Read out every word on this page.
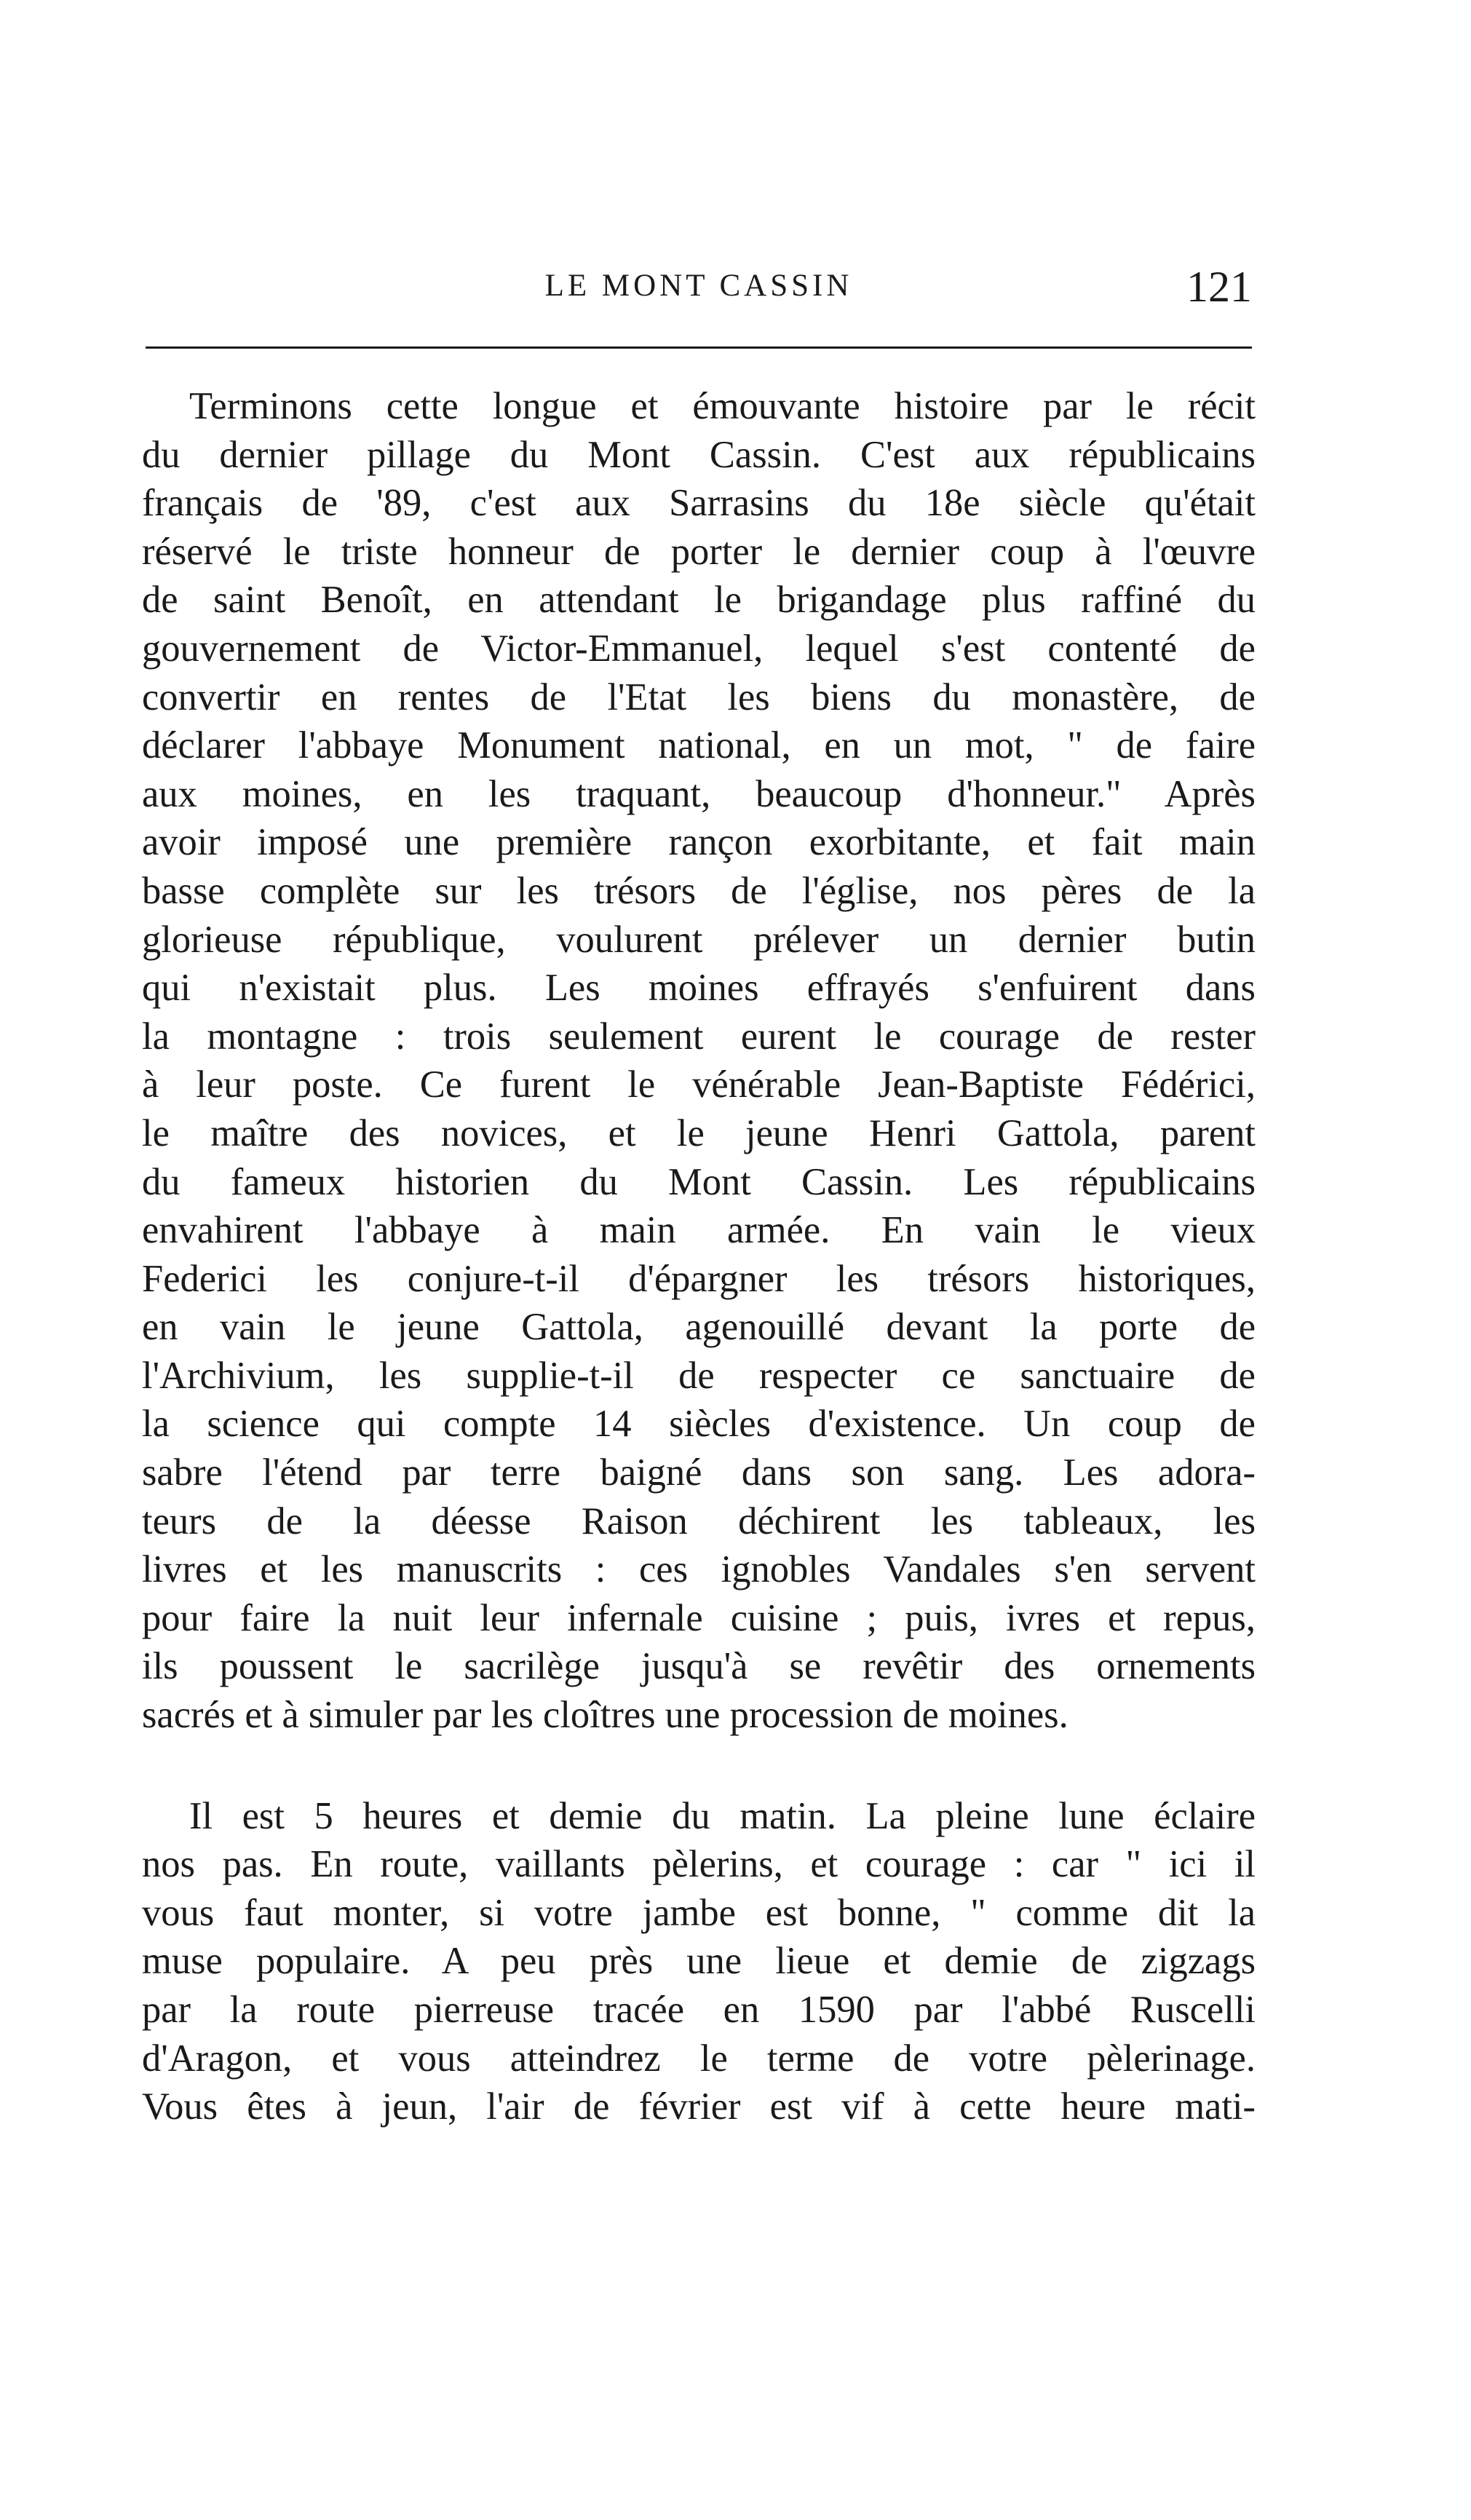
LE MONT CASSIN	121
Terminons cette longue et émouvante histoire par le récit
du dernier pillage du Mont Cassin. C'est aux républicains
français de '89, c'est aux Sarrasins du 18e siècle qu'était
réservé le triste honneur de porter le dernier coup à l'œuvre
de saint Benoît, en attendant le brigandage plus raffiné du
gouvernement de Victor-Emmanuel, lequel s'est contenté de
convertir en rentes de l'Etat les biens du monastère, de
déclarer l'abbaye Monument national, en un mot, " de faire
aux moines, en les traquant, beaucoup d'honneur." Après
avoir imposé une première rançon exorbitante, et fait main
basse complète sur les trésors de l'église, nos pères de la
glorieuse république, voulurent prélever un dernier butin
qui n'existait plus. Les moines effrayés s'enfuirent dans
la montagne : trois seulement eurent le courage de rester
à leur poste. Ce furent le vénérable Jean-Baptiste Fédérici,
le maître des novices, et le jeune Henri Gattola, parent
du fameux historien du Mont Cassin. Les républicains
envahirent l'abbaye à main armée. En vain le vieux
Federici les conjure-t-il d'épargner les trésors historiques,
en vain le jeune Gattola, agenouillé devant la porte de
l'Archivium, les supplie-t-il de respecter ce sanctuaire de
la science qui compte 14 siècles d'existence. Un coup de
sabre l'étend par terre baigné dans son sang. Les adora-
teurs de la déesse Raison déchirent les tableaux, les
livres et les manuscrits : ces ignobles Vandales s'en servent
pour faire la nuit leur infernale cuisine ; puis, ivres et repus,
ils poussent le sacrilège jusqu'à se revêtir des ornements
sacrés et à simuler par les cloîtres une procession de moines.
Il est 5 heures et demie du matin. La pleine lune éclaire
nos pas. En route, vaillants pèlerins, et courage : car " ici il
vous faut monter, si votre jambe est bonne, " comme dit la
muse populaire. A peu près une lieue et demie de zigzags
par la route pierreuse tracée en 1590 par l'abbé Ruscelli
d'Aragon, et vous atteindrez le terme de votre pèlerinage.
Vous êtes à jeun, l'air de février est vif à cette heure mati-
